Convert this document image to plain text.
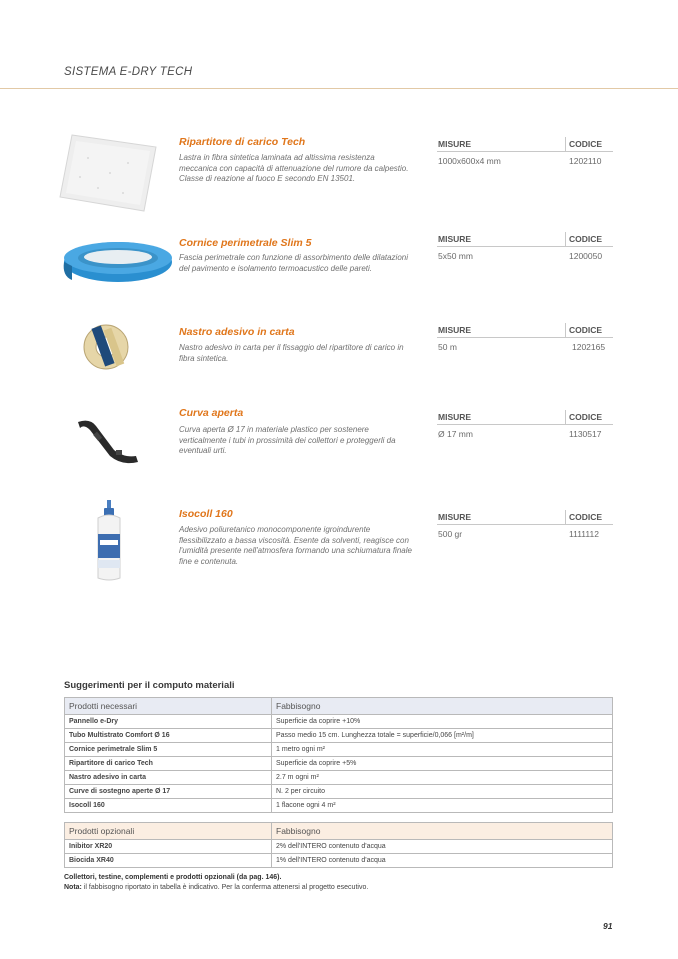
SISTEMA E-DRY TECH
Ripartitore di carico Tech
Lastra in fibra sintetica laminata ad altissima resistenza meccanica con capacità di attenuazione del rumore da calpestio. Classe di reazione al fuoco E secondo EN 13501.
MISURE	CODICE
1000x600x4 mm	1202110
Cornice perimetrale Slim 5
Fascia perimetrale con funzione di assorbimento delle dilatazioni del pavimento e isolamento termoacustico delle pareti.
MISURE	CODICE
5x50 mm	1200050
Nastro adesivo in carta
Nastro adesivo in carta per il fissaggio del ripartitore di carico in fibra sintetica.
MISURE	CODICE
50 m	1202165
Curva aperta
Curva aperta Ø 17 in materiale plastico per sostenere verticalmente i tubi in prossimità dei collettori e proteggerli da eventuali urti.
MISURE	CODICE
Ø 17 mm	1130517
Isocoll 160
Adesivo poliuretanico monocomponente igroindurente flessibilizzato a bassa viscosità. Esente da solventi, reagisce con l'umidità presente nell'atmosfera formando una schiumatura finale fine e contenuta.
MISURE	CODICE
500 gr	1111112
Suggerimenti per il computo materiali
Prodotti necessari	Fabbisogno
Pannello e-Dry	Superficie da coprire +10%
Tubo Multistrato Comfort Ø 16	Passo medio 15 cm. Lunghezza totale = superficie/0,066 [m²/m]
Cornice perimetrale Slim 5	1 metro ogni m²
Ripartitore di carico Tech	Superficie da coprire +5%
Nastro adesivo in carta	2.7 m ogni m²
Curve di sostegno aperte Ø 17	N. 2 per circuito
Isocoll 160	1 flacone ogni 4 m²
Prodotti opzionali	Fabbisogno
Inibitor XR20	2% dell'INTERO contenuto d'acqua
Biocida XR40	1% dell'INTERO contenuto d'acqua
Collettori, testine, complementi e prodotti opzionali (da pag. 146).
Nota: il fabbisogno riportato in tabella è indicativo. Per la conferma attenersi al progetto esecutivo.
91
